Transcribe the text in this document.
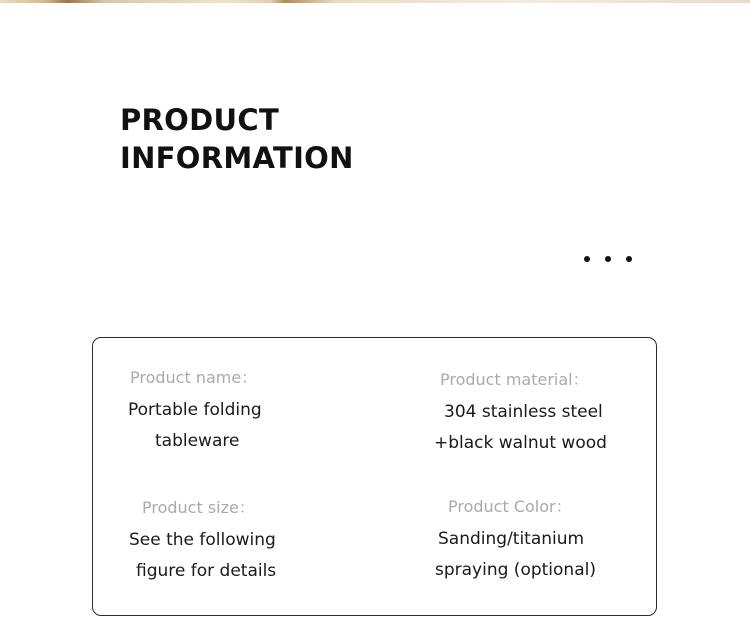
PRODUCT
INFORMATION
Product name：
Portable folding
tableware
Product material：
304 stainless steel
+black walnut wood
Product size：
See the following
figure for details
Product Color：
Sanding/titanium
spraying (optional)
